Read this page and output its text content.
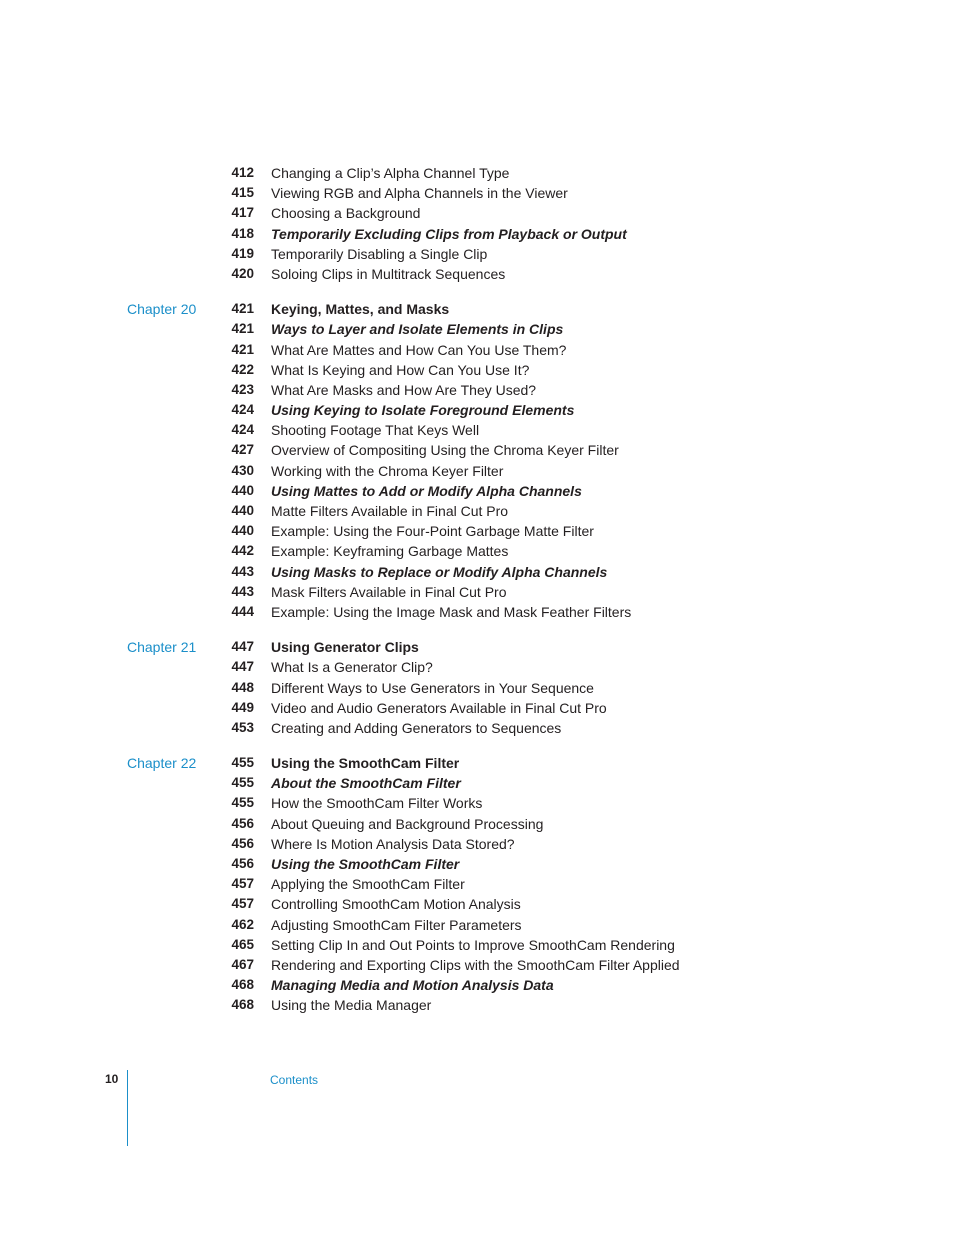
412 Changing a Clip’s Alpha Channel Type
415 Viewing RGB and Alpha Channels in the Viewer
417 Choosing a Background
418 Temporarily Excluding Clips from Playback or Output
419 Temporarily Disabling a Single Clip
420 Soloing Clips in Multitrack Sequences
Chapter 20	421 Keying, Mattes, and Masks
421 Ways to Layer and Isolate Elements in Clips
421 What Are Mattes and How Can You Use Them?
422 What Is Keying and How Can You Use It?
423 What Are Masks and How Are They Used?
424 Using Keying to Isolate Foreground Elements
424 Shooting Footage That Keys Well
427 Overview of Compositing Using the Chroma Keyer Filter
430 Working with the Chroma Keyer Filter
440 Using Mattes to Add or Modify Alpha Channels
440 Matte Filters Available in Final Cut Pro
440 Example: Using the Four-Point Garbage Matte Filter
442 Example: Keyframing Garbage Mattes
443 Using Masks to Replace or Modify Alpha Channels
443 Mask Filters Available in Final Cut Pro
444 Example: Using the Image Mask and Mask Feather Filters
Chapter 21	447 Using Generator Clips
447 What Is a Generator Clip?
448 Different Ways to Use Generators in Your Sequence
449 Video and Audio Generators Available in Final Cut Pro
453 Creating and Adding Generators to Sequences
Chapter 22	455 Using the SmoothCam Filter
455 About the SmoothCam Filter
455 How the SmoothCam Filter Works
456 About Queuing and Background Processing
456 Where Is Motion Analysis Data Stored?
456 Using the SmoothCam Filter
457 Applying the SmoothCam Filter
457 Controlling SmoothCam Motion Analysis
462 Adjusting SmoothCam Filter Parameters
465 Setting Clip In and Out Points to Improve SmoothCam Rendering
467 Rendering and Exporting Clips with the SmoothCam Filter Applied
468 Managing Media and Motion Analysis Data
468 Using the Media Manager
10	Contents
